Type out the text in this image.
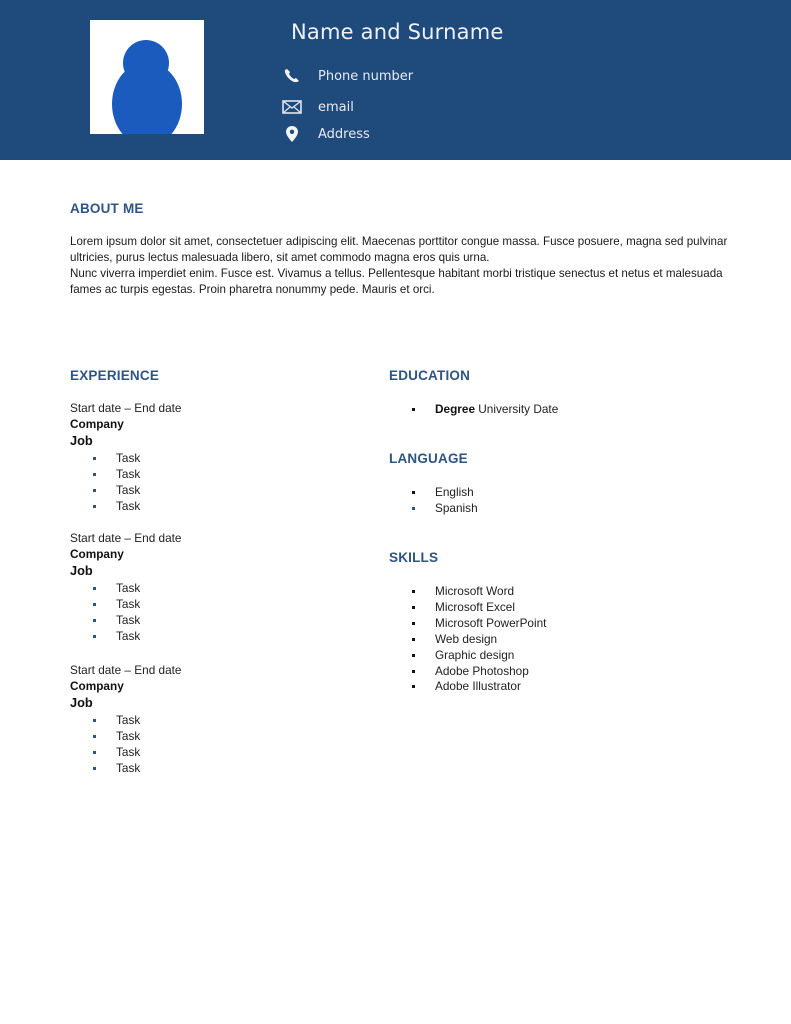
Name and Surname
Phone number
email
Address
ABOUT ME

Lorem ipsum dolor sit amet, consectetuer adipiscing elit. Maecenas porttitor congue massa. Fusce posuere, magna sed pulvinar ultricies, purus lectus malesuada libero, sit amet commodo magna eros quis urna.

Nunc viverra imperdiet enim. Fusce est. Vivamus a tellus. Pellentesque habitant morbi tristique senectus et netus et malesuada fames ac turpis egestas. Proin pharetra nonummy pede. Mauris et orci.

EXPERIENCE
Start date – End date
Company
Job
Task
Task
Task
Task
Start date – End date
Company
Job
Task
Task
Task
Task
Start date – End date
Company
Job
Task
Task
Task
Task
EDUCATION
Degree University Date
LANGUAGE
English
Spanish
SKILLS
Microsoft Word
Microsoft Excel
Microsoft PowerPoint
Web design
Graphic design
Adobe Photoshop
Adobe Illustrator
